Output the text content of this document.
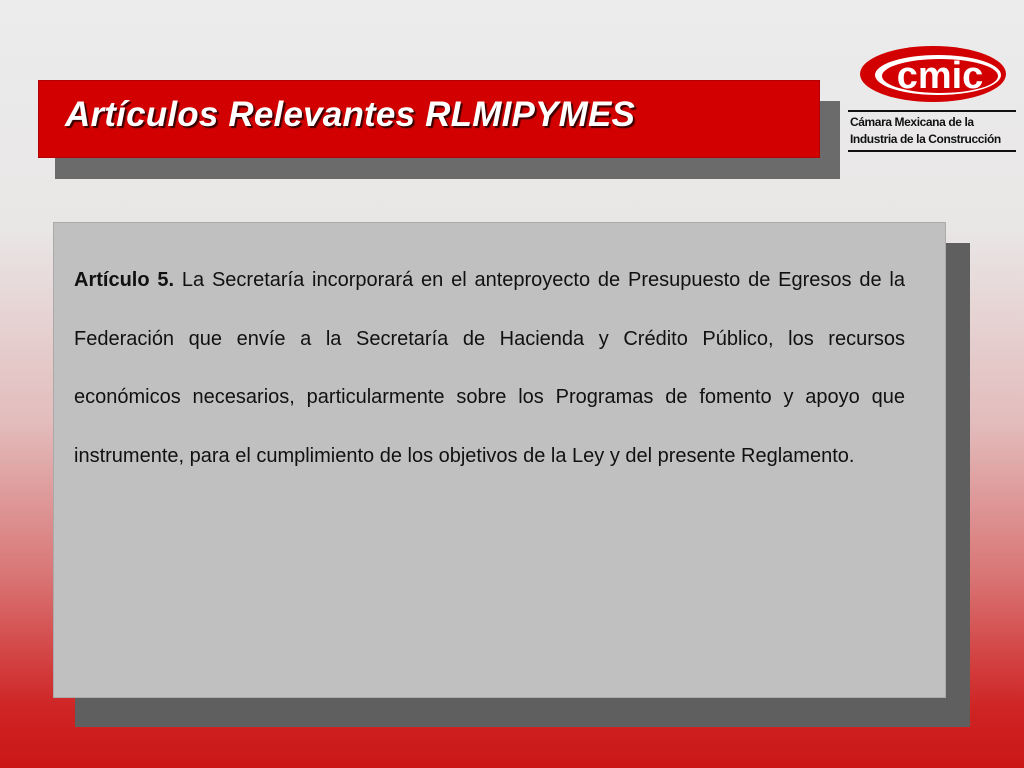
Artículos Relevantes RLMIPYMES
cmic
Cámara Mexicana de la
Industria de la Construcción

Artículo 5. La Secretaría incorporará en el anteproyecto de Presupuesto de Egresos de la Federación que envíe a la Secretaría de Hacienda y Crédito Público, los recursos económicos necesarios, particularmente sobre los Programas de fomento y apoyo que instrumente, para el cumplimiento de los objetivos de la Ley y del presente Reglamento.
